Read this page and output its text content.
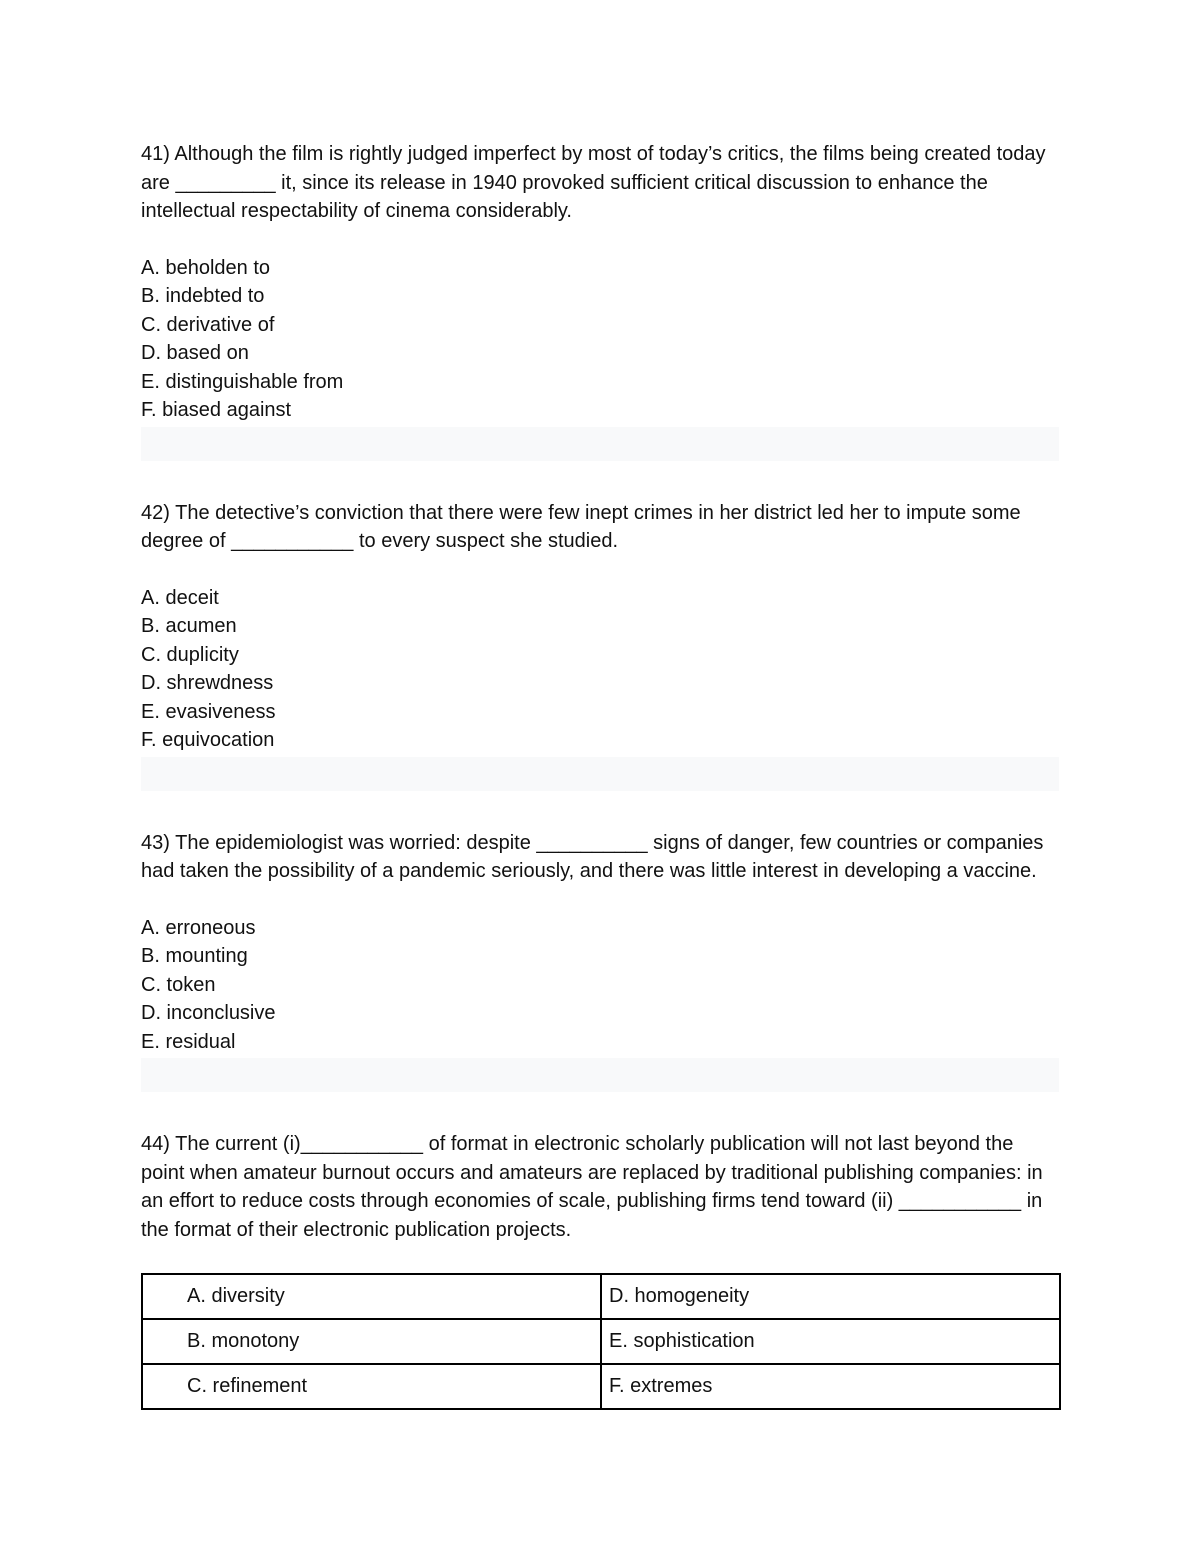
41) Although the film is rightly judged imperfect by most of today’s critics, the films being created today are _________ it, since its release in 1940 provoked sufficient critical discussion to enhance the intellectual respectability of cinema considerably.

A. beholden to
B. indebted to
C. derivative of
D. based on
E. distinguishable from
F. biased against

42) The detective’s conviction that there were few inept crimes in her district led her to impute some degree of ___________ to every suspect she studied.

A. deceit
B. acumen
C. duplicity
D. shrewdness
E. evasiveness
F. equivocation

43) The epidemiologist was worried: despite __________ signs of danger, few countries or companies had taken the possibility of a pandemic seriously, and there was little interest in developing a vaccine.

A. erroneous
B. mounting
C. token
D. inconclusive
E. residual

44) The current (i)___________ of format in electronic scholarly publication will not last beyond the point when amateur burnout occurs and amateurs are replaced by traditional publishing companies: in an effort to reduce costs through economies of scale, publishing firms tend toward (ii) ___________ in the format of their electronic publication projects.

A. diversity	D. homogeneity
B. monotony	E. sophistication
C. refinement	F. extremes
